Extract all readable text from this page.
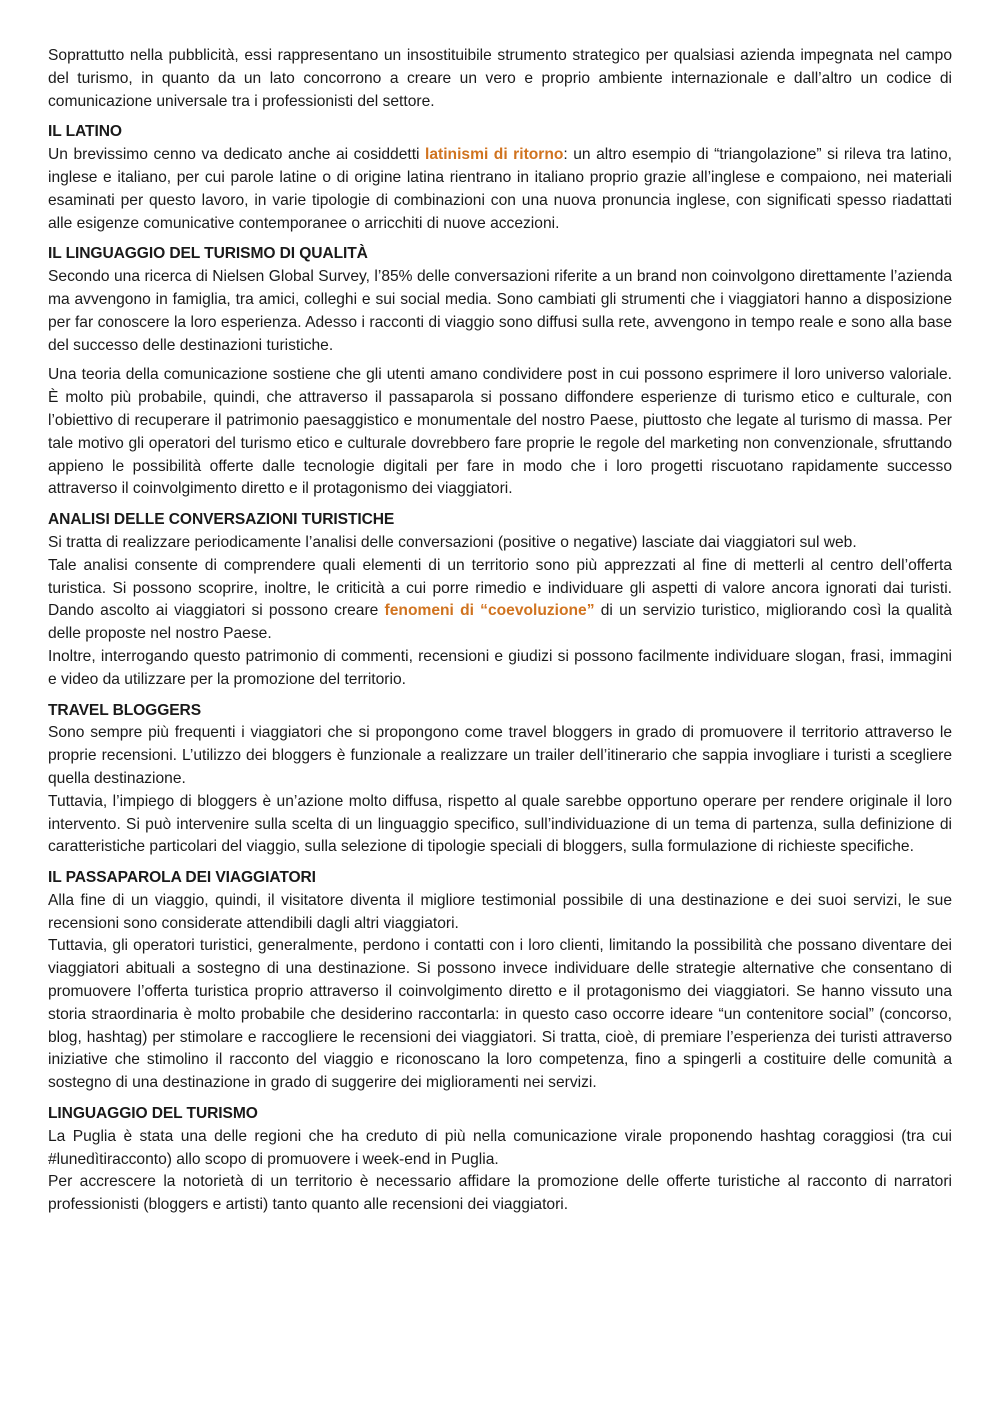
Soprattutto nella pubblicità, essi rappresentano un insostituibile strumento strategico per qualsiasi azienda impegnata nel campo del turismo, in quanto da un lato concorrono a creare un vero e proprio ambiente internazionale e dall’altro un codice di comunicazione universale tra i professionisti del settore.

IL LATINO

Un brevissimo cenno va dedicato anche ai cosiddetti latinismi di ritorno: un altro esempio di “triangolazione” si rileva tra latino, inglese e italiano, per cui parole latine o di origine latina rientrano in italiano proprio grazie all’inglese e compaiono, nei materiali esaminati per questo lavoro, in varie tipologie di combinazioni con una nuova pronuncia inglese, con significati spesso riadattati alle esigenze comunicative contemporanee o arricchiti di nuove accezioni.

IL LINGUAGGIO DEL TURISMO DI QUALITÀ

Secondo una ricerca di Nielsen Global Survey, l’85% delle conversazioni riferite a un brand non coinvolgono direttamente l’azienda ma avvengono in famiglia, tra amici, colleghi e sui social media. Sono cambiati gli strumenti che i viaggiatori hanno a disposizione per far conoscere la loro esperienza. Adesso i racconti di viaggio sono diffusi sulla rete, avvengono in tempo reale e sono alla base del successo delle destinazioni turistiche.

Una teoria della comunicazione sostiene che gli utenti amano condividere post in cui possono esprimere il loro universo valoriale. È molto più probabile, quindi, che attraverso il passaparola si possano diffondere esperienze di turismo etico e culturale, con l’obiettivo di recuperare il patrimonio paesaggistico e monumentale del nostro Paese, piuttosto che legate al turismo di massa. Per tale motivo gli operatori del turismo etico e culturale dovrebbero fare proprie le regole del marketing non convenzionale, sfruttando appieno le possibilità offerte dalle tecnologie digitali per fare in modo che i loro progetti riscuotano rapidamente successo attraverso il coinvolgimento diretto e il protagonismo dei viaggiatori.

ANALISI DELLE CONVERSAZIONI TURISTICHE

Si tratta di realizzare periodicamente l’analisi delle conversazioni (positive o negative) lasciate dai viaggiatori sul web.

Tale analisi consente di comprendere quali elementi di un territorio sono più apprezzati al fine di metterli al centro dell’offerta turistica. Si possono scoprire, inoltre, le criticità a cui porre rimedio e individuare gli aspetti di valore ancora ignorati dai turisti. Dando ascolto ai viaggiatori si possono creare fenomeni di “coevoluzione” di un servizio turistico, migliorando così la qualità delle proposte nel nostro Paese.

Inoltre, interrogando questo patrimonio di commenti, recensioni e giudizi si possono facilmente individuare slogan, frasi, immagini e video da utilizzare per la promozione del territorio.

TRAVEL BLOGGERS

Sono sempre più frequenti i viaggiatori che si propongono come travel bloggers in grado di promuovere il territorio attraverso le proprie recensioni. L’utilizzo dei bloggers è funzionale a realizzare un trailer dell’itinerario che sappia invogliare i turisti a scegliere quella destinazione.

Tuttavia, l’impiego di bloggers è un’azione molto diffusa, rispetto al quale sarebbe opportuno operare per rendere originale il loro intervento. Si può intervenire sulla scelta di un linguaggio specifico, sull’individuazione di un tema di partenza, sulla definizione di caratteristiche particolari del viaggio, sulla selezione di tipologie speciali di bloggers, sulla formulazione di richieste specifiche.

IL PASSAPAROLA DEI VIAGGIATORI

Alla fine di un viaggio, quindi, il visitatore diventa il migliore testimonial possibile di una destinazione e dei suoi servizi, le sue recensioni sono considerate attendibili dagli altri viaggiatori.

Tuttavia, gli operatori turistici, generalmente, perdono i contatti con i loro clienti, limitando la possibilità che possano diventare dei viaggiatori abituali a sostegno di una destinazione. Si possono invece individuare delle strategie alternative che consentano di promuovere l’offerta turistica proprio attraverso il coinvolgimento diretto e il protagonismo dei viaggiatori. Se hanno vissuto una storia straordinaria è molto probabile che desiderino raccontarla: in questo caso occorre ideare “un contenitore social” (concorso, blog, hashtag) per stimolare e raccogliere le recensioni dei viaggiatori. Si tratta, cioè, di premiare l’esperienza dei turisti attraverso iniziative che stimolino il racconto del viaggio e riconoscano la loro competenza, fino a spingerli a costituire delle comunità a sostegno di una destinazione in grado di suggerire dei miglioramenti nei servizi.

LINGUAGGIO DEL TURISMO

La Puglia è stata una delle regioni che ha creduto di più nella comunicazione virale proponendo hashtag coraggiosi (tra cui #lunedìtiracconto) allo scopo di promuovere i week-end in Puglia.

Per accrescere la notorietà di un territorio è necessario affidare la promozione delle offerte turistiche al racconto di narratori professionisti (bloggers e artisti) tanto quanto alle recensioni dei viaggiatori.
